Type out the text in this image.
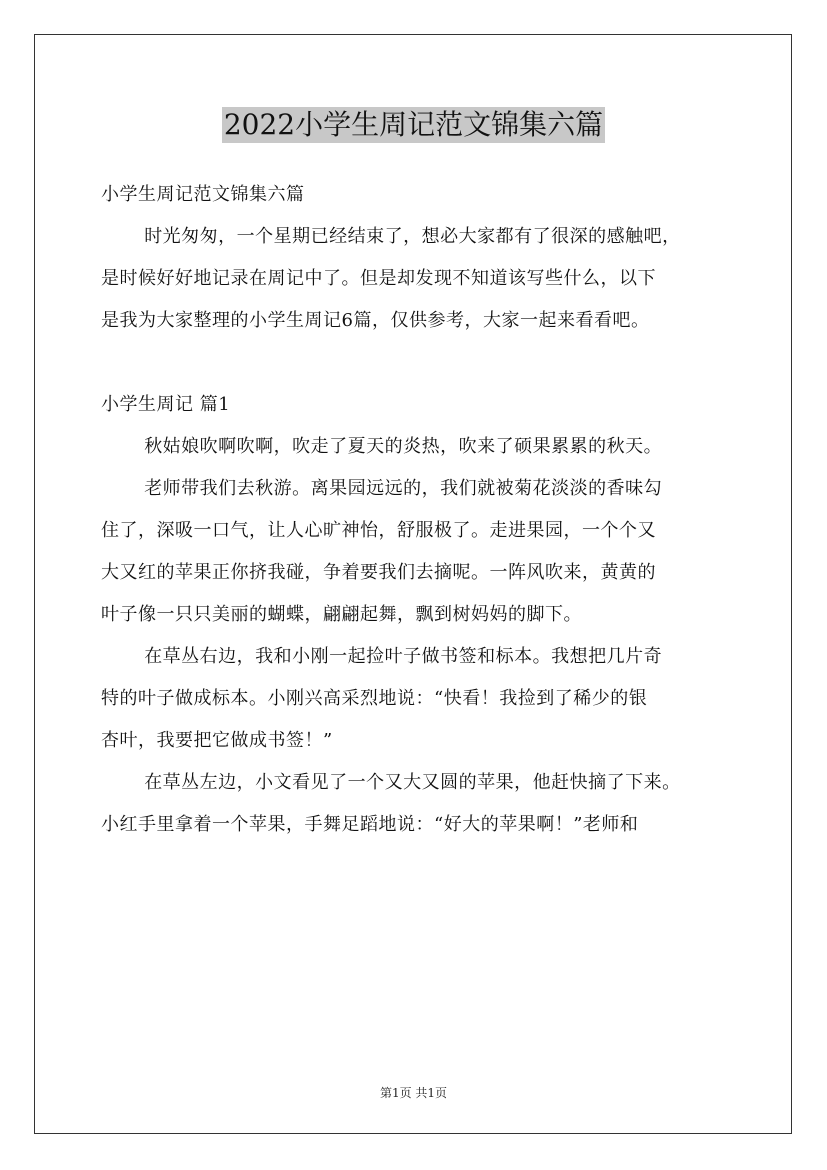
2022小学生周记范文锦集六篇

小学生周记范文锦集六篇

时光匆匆，一个星期已经结束了，想必大家都有了很深的感触吧，

是时候好好地记录在周记中了。但是却发现不知道该写些什么，以下

是我为大家整理的小学生周记6篇，仅供参考，大家一起来看看吧。

小学生周记 篇1

秋姑娘吹啊吹啊，吹走了夏天的炎热，吹来了硕果累累的秋天。

老师带我们去秋游。离果园远远的，我们就被菊花淡淡的香味勾

住了，深吸一口气，让人心旷神怡，舒服极了。走进果园，一个个又

大又红的苹果正你挤我碰，争着要我们去摘呢。一阵风吹来，黄黄的

叶子像一只只美丽的蝴蝶，翩翩起舞，飘到树妈妈的脚下。

在草丛右边，我和小刚一起捡叶子做书签和标本。我想把几片奇

特的叶子做成标本。小刚兴高采烈地说：“快看！我捡到了稀少的银

杏叶，我要把它做成书签！”

在草丛左边，小文看见了一个又大又圆的苹果，他赶快摘了下来。

小红手里拿着一个苹果，手舞足蹈地说：“好大的苹果啊！”老师和

第1页 共1页
